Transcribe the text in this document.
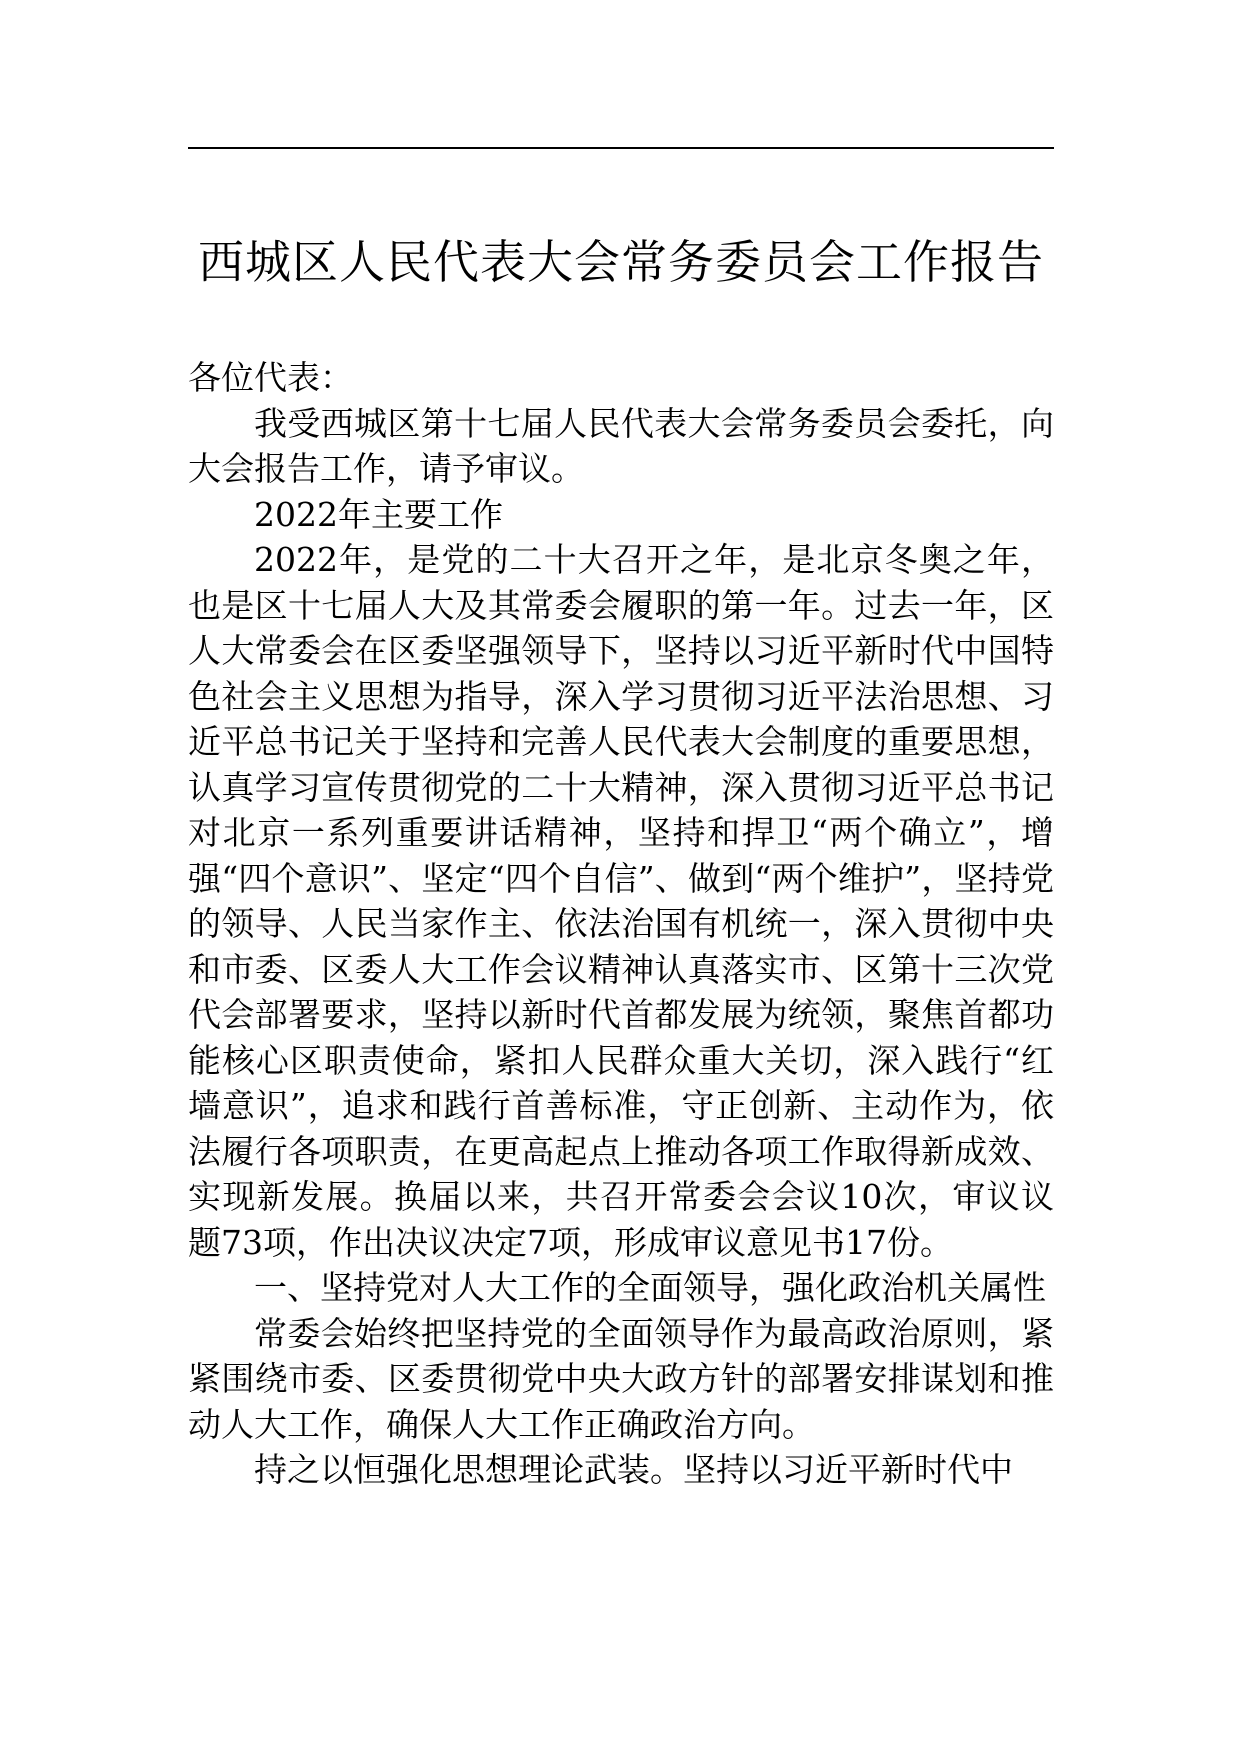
西城区人民代表大会常务委员会工作报告

各位代表：

我受西城区第十七届人民代表大会常务委员会委托，向大会报告工作，请予审议。

2022年主要工作

2022年，是党的二十大召开之年，是北京冬奥之年，也是区十七届人大及其常委会履职的第一年。过去一年，区人大常委会在区委坚强领导下，坚持以习近平新时代中国特色社会主义思想为指导，深入学习贯彻习近平法治思想、习近平总书记关于坚持和完善人民代表大会制度的重要思想，认真学习宣传贯彻党的二十大精神，深入贯彻习近平总书记对北京一系列重要讲话精神，坚持和捍卫“两个确立”，增强“四个意识”、坚定“四个自信”、做到“两个维护”，坚持党的领导、人民当家作主、依法治国有机统一，深入贯彻中央和市委、区委人大工作会议精神认真落实市、区第十三次党代会部署要求，坚持以新时代首都发展为统领，聚焦首都功能核心区职责使命，紧扣人民群众重大关切，深入践行“红墙意识”，追求和践行首善标准，守正创新、主动作为，依法履行各项职责，在更高起点上推动各项工作取得新成效、实现新发展。换届以来，共召开常委会会议10次，审议议题73项，作出决议决定7项，形成审议意见书17份。

一、坚持党对人大工作的全面领导，强化政治机关属性

常委会始终把坚持党的全面领导作为最高政治原则，紧紧围绕市委、区委贯彻党中央大政方针的部署安排谋划和推动人大工作，确保人大工作正确政治方向。

持之以恒强化思想理论武装。坚持以习近平新时代中
